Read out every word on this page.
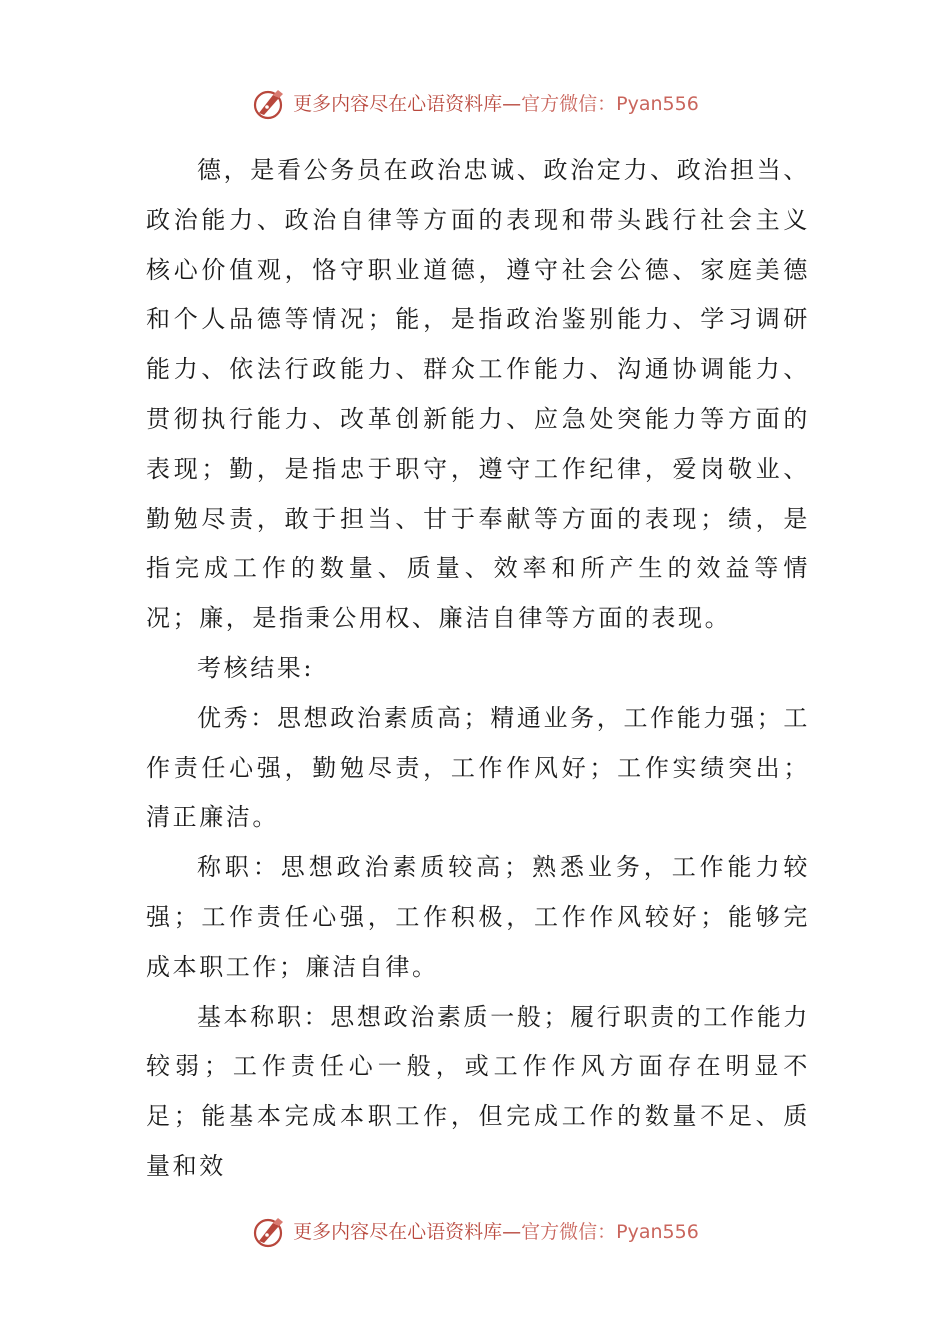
更多内容尽在心语资料库— 官方微信：Pyan556

德，是看公务员在政治忠诚、政治定力、政治担当、政治能力、政治自律等方面的表现和带头践行社会主义核心价值观，恪守职业道德，遵守社会公德、家庭美德和个人品德等情况；能，是指政治鉴别能力、学习调研能力、依法行政能力、群众工作能力、沟通协调能力、贯彻执行能力、改革创新能力、应急处突能力等方面的表现；勤，是指忠于职守，遵守工作纪律，爱岗敬业、勤勉尽责，敢于担当、甘于奉献等方面的表现；绩，是指完成工作的数量、质量、效率和所产生的效益等情况；廉，是指秉公用权、廉洁自律等方面的表现。

考核结果:

优秀：思想政治素质高；精通业务，工作能力强；工作责任心强，勤勉尽责，工作作风好；工作实绩突出；清正廉洁。

称职：思想政治素质较高；熟悉业务，工作能力较强；工作责任心强，工作积极，工作作风较好；能够完成本职工作；廉洁自律。

基本称职：思想政治素质一般；履行职责的工作能力较弱；工作责任心一般，或工作作风方面存在明显不足；能基本完成本职工作，但完成工作的数量不足、质量和效

更多内容尽在心语资料库— 官方微信：Pyan556
